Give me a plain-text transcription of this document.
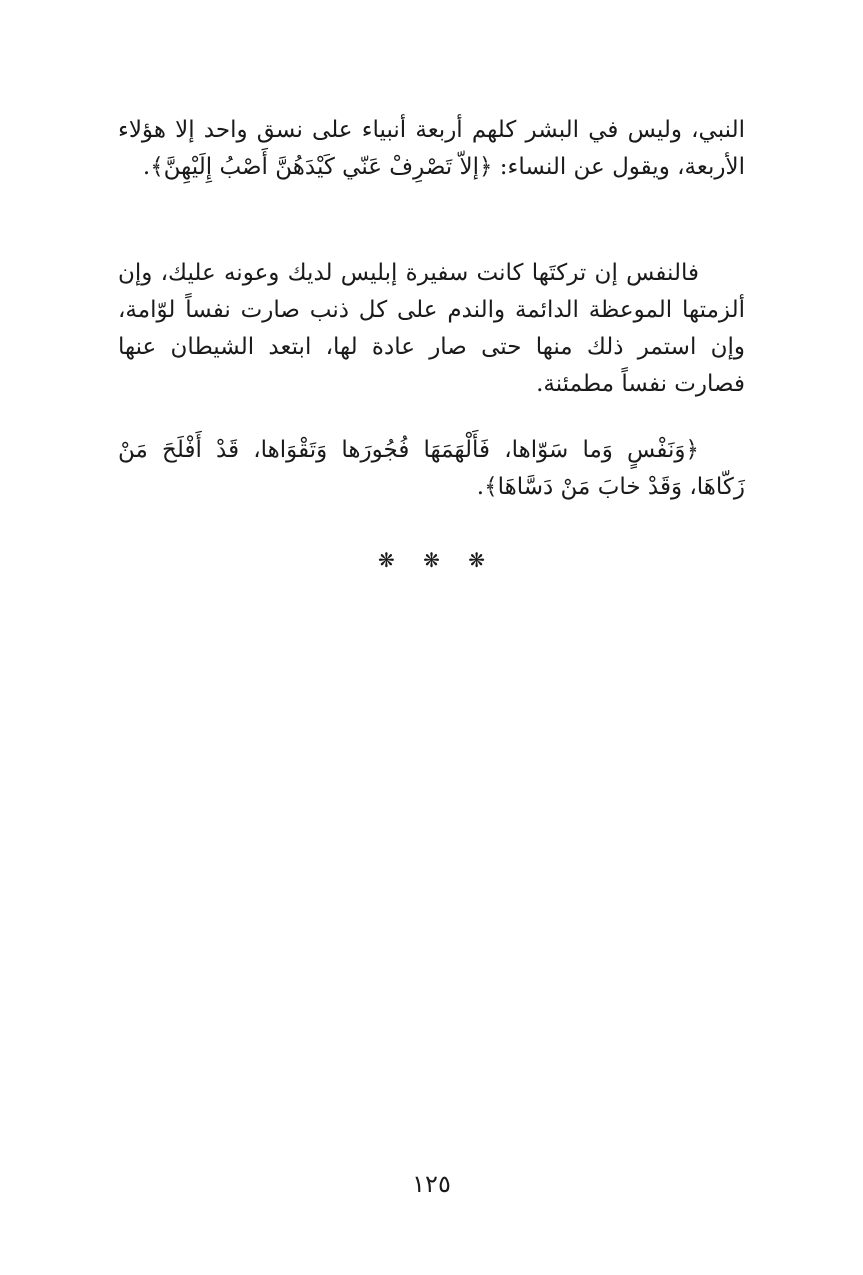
النبي، وليس في البشر كلهم أربعة أنبياء على نسق واحد إلا هؤلاء الأربعة، ويقول عن النساء: ﴿إلاّ تَصْرِفْ عَنّي كَيْدَهُنَّ أَصْبُ إِلَيْهِنَّ﴾.

فالنفس إن تركتَها كانت سفيرة إبليس لديك وعونه عليك، وإن ألزمتها الموعظة الدائمة والندم على كل ذنب صارت نفساً لوّامة، وإن استمر ذلك منها حتى صار عادة لها، ابتعد الشيطان عنها فصارت نفساً مطمئنة.

﴿وَنَفْسٍ وَما سَوّاها، فَأَلْهَمَهَا فُجُورَها وَتَقْوَاها، قَدْ أَفْلَحَ مَنْ زَكّاهَا، وَقَدْ خابَ مَنْ دَسَّاهَا﴾.

❋ ❋ ❋
١٢٥
